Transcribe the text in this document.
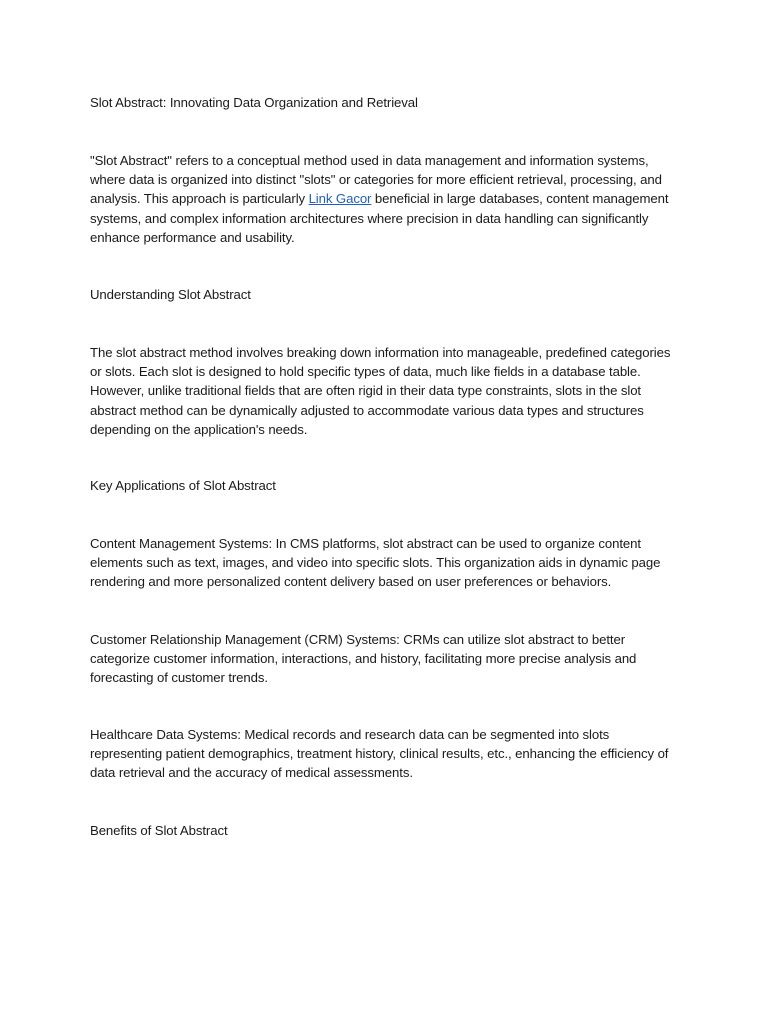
Slot Abstract: Innovating Data Organization and Retrieval

"Slot Abstract" refers to a conceptual method used in data management and information systems, where data is organized into distinct "slots" or categories for more efficient retrieval, processing, and analysis. This approach is particularly Link Gacor beneficial in large databases, content management systems, and complex information architectures where precision in data handling can significantly enhance performance and usability.

Understanding Slot Abstract

The slot abstract method involves breaking down information into manageable, predefined categories or slots. Each slot is designed to hold specific types of data, much like fields in a database table. However, unlike traditional fields that are often rigid in their data type constraints, slots in the slot abstract method can be dynamically adjusted to accommodate various data types and structures depending on the application's needs.

Key Applications of Slot Abstract

Content Management Systems: In CMS platforms, slot abstract can be used to organize content elements such as text, images, and video into specific slots. This organization aids in dynamic page rendering and more personalized content delivery based on user preferences or behaviors.

Customer Relationship Management (CRM) Systems: CRMs can utilize slot abstract to better categorize customer information, interactions, and history, facilitating more precise analysis and forecasting of customer trends.

Healthcare Data Systems: Medical records and research data can be segmented into slots representing patient demographics, treatment history, clinical results, etc., enhancing the efficiency of data retrieval and the accuracy of medical assessments.

Benefits of Slot Abstract
